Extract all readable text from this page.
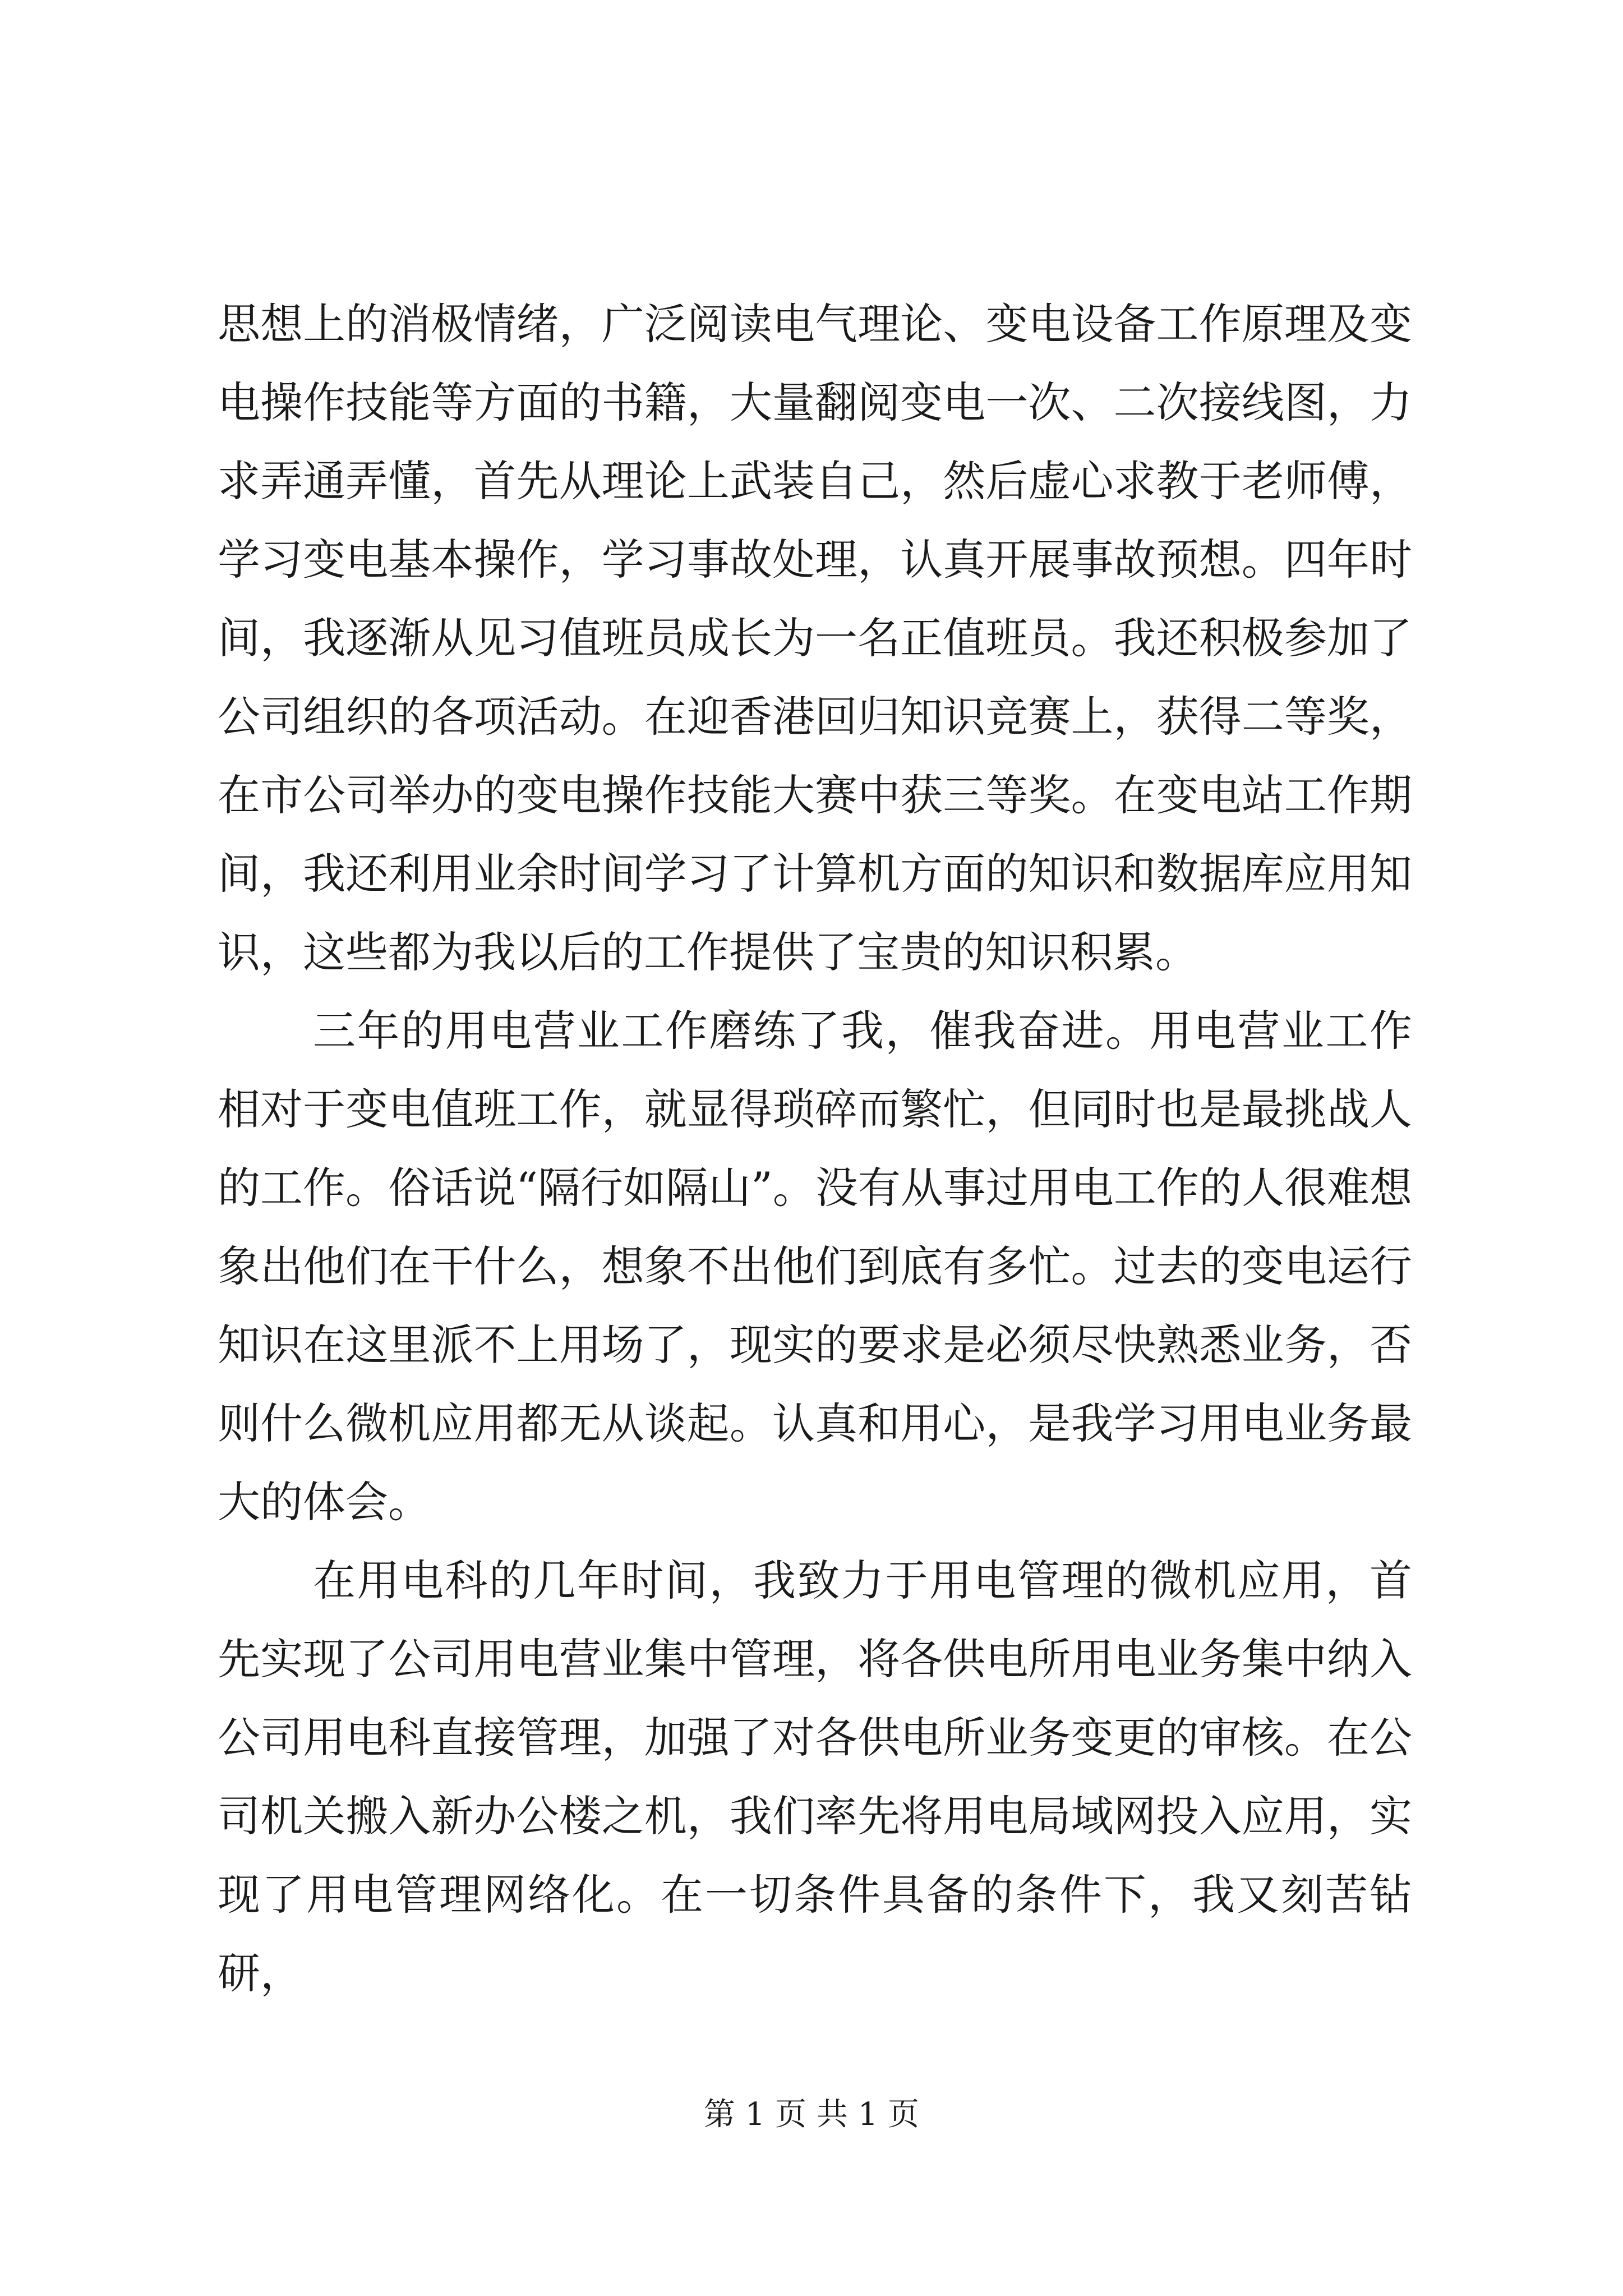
思想上的消极情绪，广泛阅读电气理论、变电设备工作原理及变电操作技能等方面的书籍，大量翻阅变电一次、二次接线图，力求弄通弄懂，首先从理论上武装自己，然后虚心求教于老师傅，学习变电基本操作，学习事故处理，认真开展事故预想。四年时间，我逐渐从见习值班员成长为一名正值班员。我还积极参加了公司组织的各项活动。在迎香港回归知识竞赛上，获得二等奖，在市公司举办的变电操作技能大赛中获三等奖。在变电站工作期间，我还利用业余时间学习了计算机方面的知识和数据库应用知识，这些都为我以后的工作提供了宝贵的知识积累。

三年的用电营业工作磨练了我，催我奋进。用电营业工作相对于变电值班工作，就显得琐碎而繁忙，但同时也是最挑战人的工作。俗话说“隔行如隔山”。没有从事过用电工作的人很难想象出他们在干什么，想象不出他们到底有多忙。过去的变电运行知识在这里派不上用场了，现实的要求是必须尽快熟悉业务，否则什么微机应用都无从谈起。认真和用心，是我学习用电业务最大的体会。

在用电科的几年时间，我致力于用电管理的微机应用，首先实现了公司用电营业集中管理，将各供电所用电业务集中纳入公司用电科直接管理，加强了对各供电所业务变更的审核。在公司机关搬入新办公楼之机，我们率先将用电局域网投入应用，实现了用电管理网络化。在一切条件具备的条件下，我又刻苦钻研，

第 1 页 共 1 页
